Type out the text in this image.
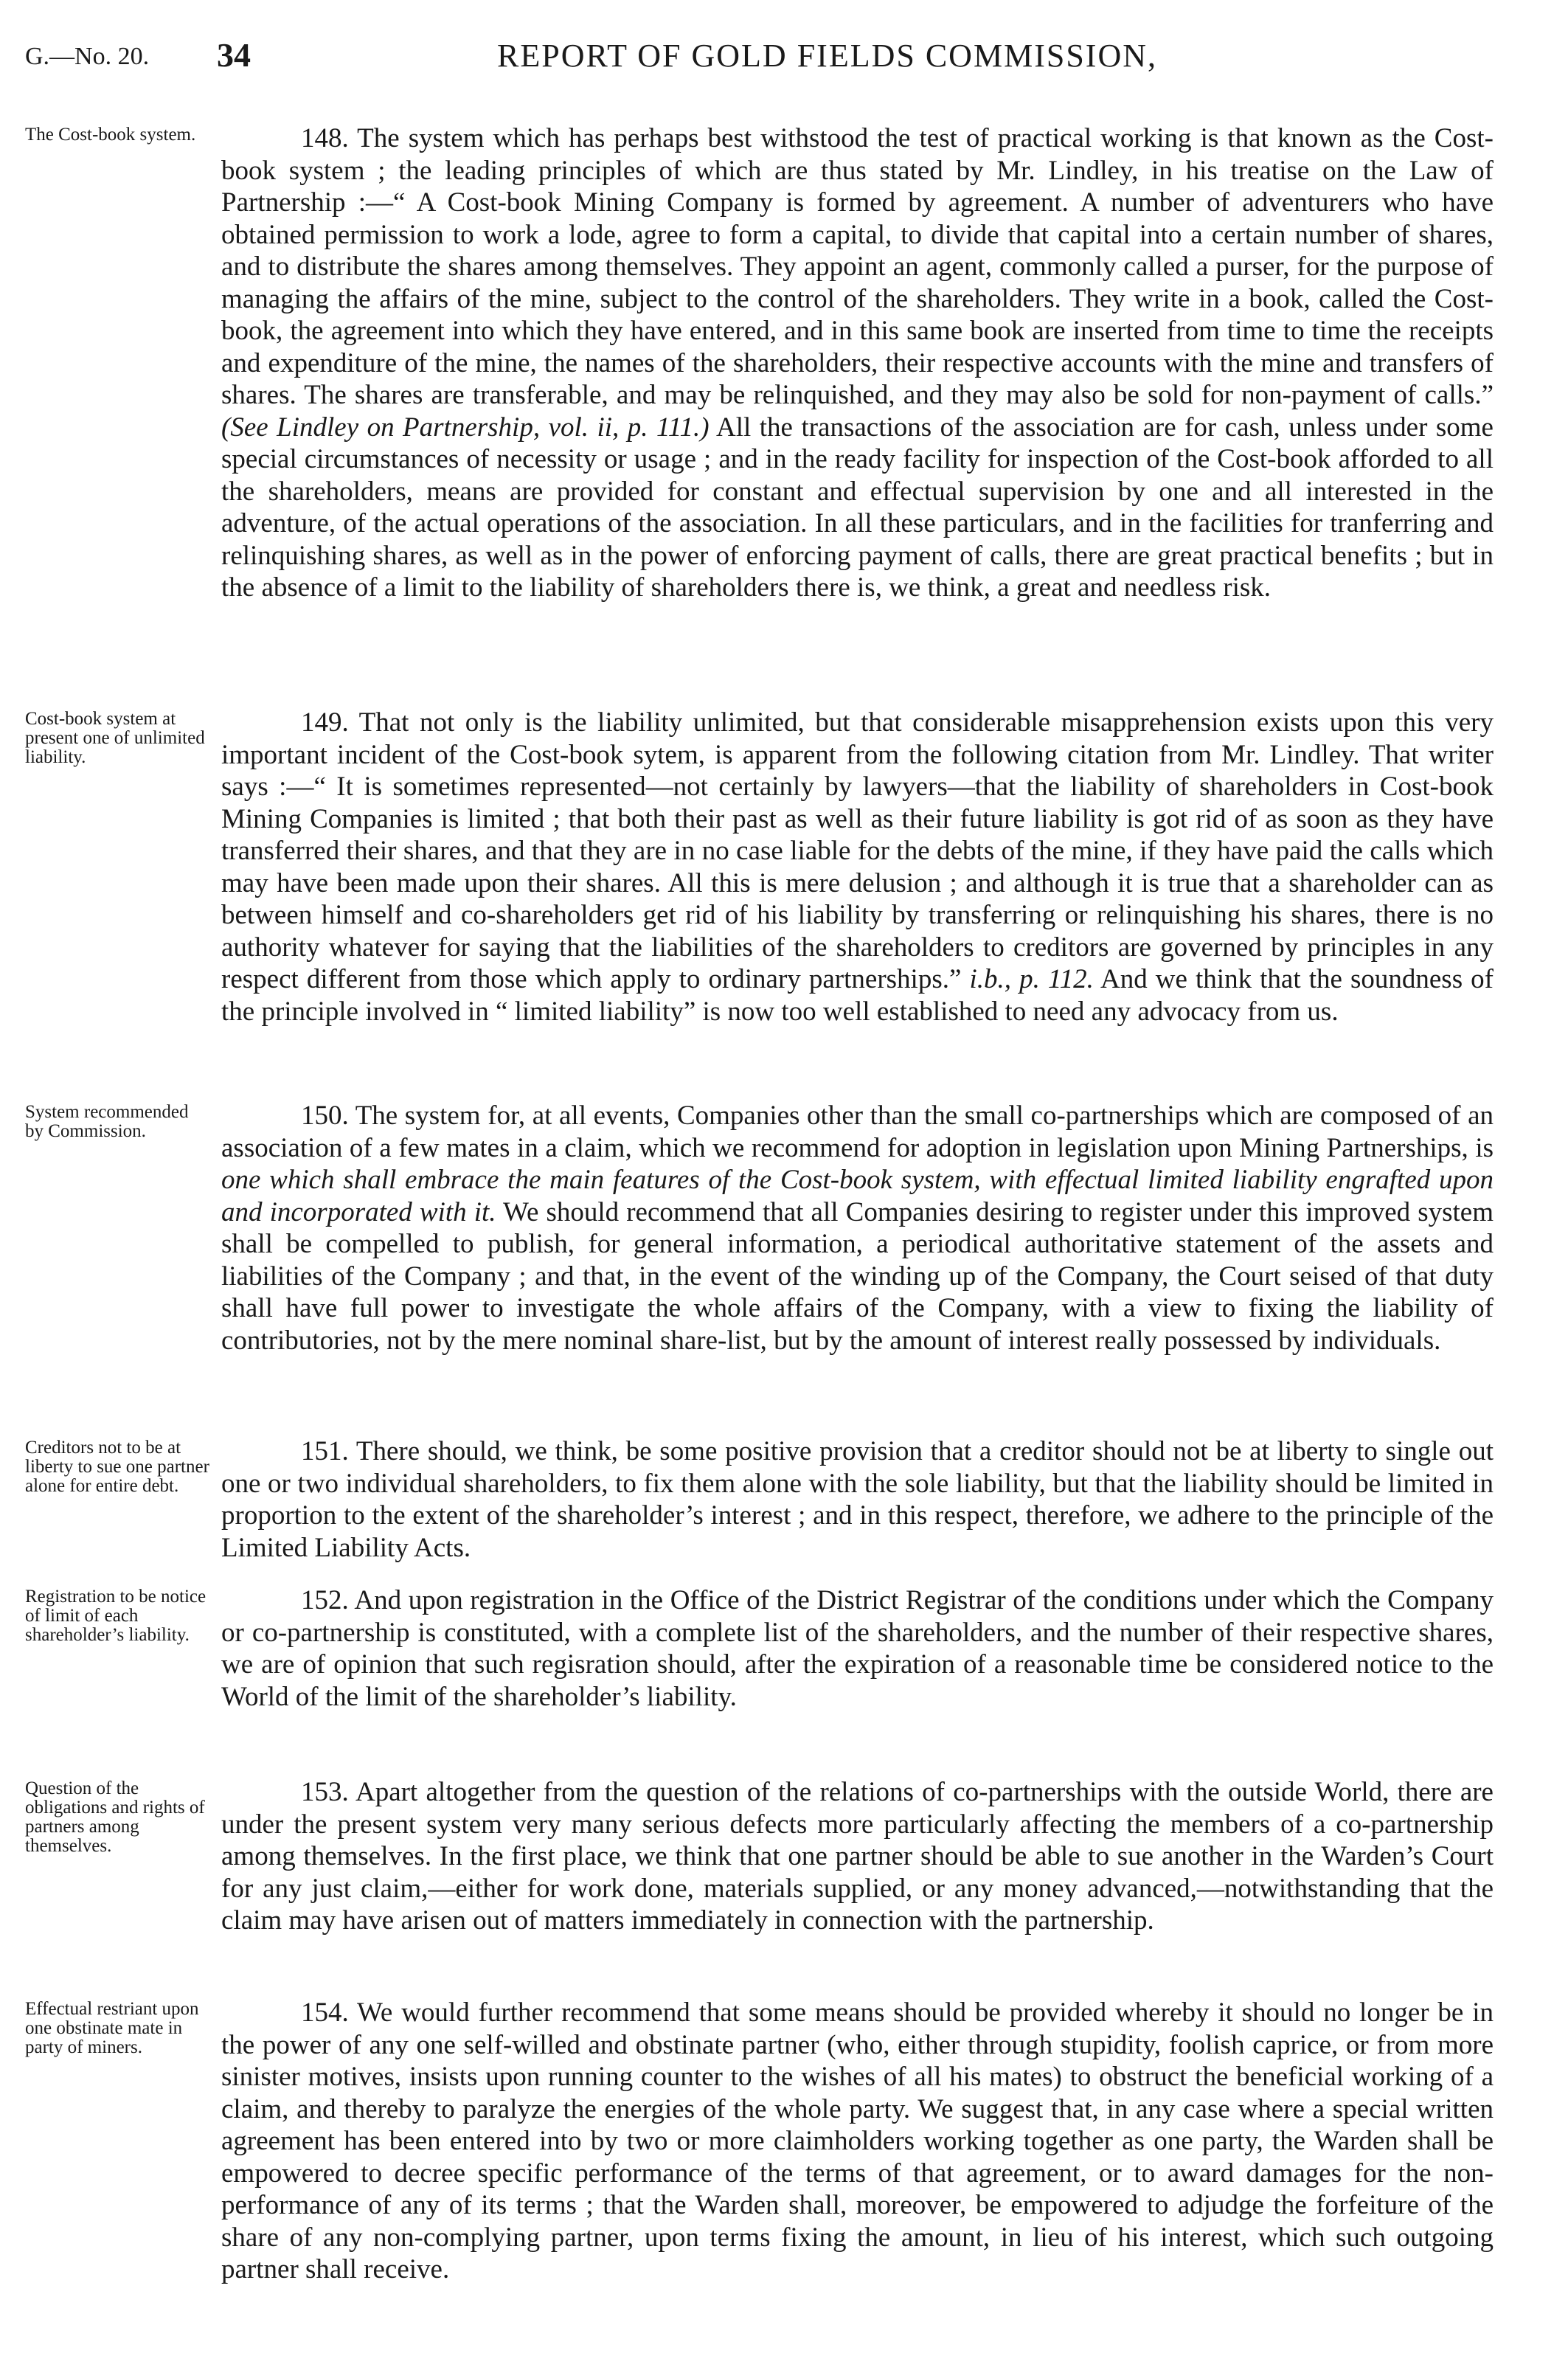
G.—No. 20. 34	REPORT OF GOLD FIELDS COMMISSION,
The Cost-book system.	148. The system which has perhaps best withstood the test of practical working is that known as the Cost-book system ; the leading principles of which are thus stated by Mr. Lindley, in his treatise on the Law of Partnership :—“ A Cost-book Mining Company is formed by agreement. A number of adventurers who have obtained permission to work a lode, agree to form a capital, to divide that capital into a certain number of shares, and to distribute the shares among themselves. They appoint an agent, commonly called a purser, for the purpose of managing the affairs of the mine, subject to the control of the shareholders. They write in a book, called the Cost-book, the agreement into which they have entered, and in this same book are inserted from time to time the receipts and expenditure of the mine, the names of the shareholders, their respective accounts with the mine and transfers of shares. The shares are transferable, and may be relinquished, and they may also be sold for non-payment of calls.” (See Lindley on Partnership, vol. ii, p. 111.) All the transactions of the association are for cash, unless under some special circumstances of necessity or usage ; and in the ready facility for inspection of the Cost-book afforded to all the shareholders, means are provided for constant and effectual supervision by one and all interested in the adventure, of the actual operations of the association. In all these particulars, and in the facilities for tranferring and relinquishing shares, as well as in the power of enforcing payment of calls, there are great practical benefits ; but in the absence of a limit to the liability of shareholders there is, we think, a great and needless risk.

Cost-book system at present one of unlimited liability.

149. That not only is the liability unlimited, but that considerable misapprehension exists upon this very important incident of the Cost-book sytem, is apparent from the following citation from Mr. Lindley. That writer says :—“ It is sometimes represented—not certainly by lawyers—that the liability of shareholders in Cost-book Mining Companies is limited ; that both their past as well as their future liability is got rid of as soon as they have transferred their shares, and that they are in no case liable for the debts of the mine, if they have paid the calls which may have been made upon their shares. All this is mere delusion ; and although it is true that a shareholder can as between himself and co-shareholders get rid of his liability by transferring or relinquishing his shares, there is no authority whatever for saying that the liabilities of the shareholders to creditors are governed by principles in any respect different from those which apply to ordinary partnerships.” i.b., p. 112. And we think that the soundness of the principle involved in “ limited liability” is now too well established to need any advocacy from us.

System recommended by Commission.

150. The system for, at all events, Companies other than the small co-partnerships which are composed of an association of a few mates in a claim, which we recommend for adoption in legislation upon Mining Partnerships, is one which shall embrace the main features of the Cost-book system, with effectual limited liability engrafted upon and incorporated with it. We should recommend that all Companies desiring to register under this improved system shall be compelled to publish, for general information, a periodical authoritative statement of the assets and liabilities of the Company ; and that, in the event of the winding up of the Company, the Court seised of that duty shall have full power to investigate the whole affairs of the Company, with a view to fixing the liability of contributories, not by the mere nominal share-list, but by the amount of interest really possessed by individuals.

Creditors not to be at liberty to sue one partner alone for entire debt.

151. There should, we think, be some positive provision that a creditor should not be at liberty to single out one or two individual shareholders, to fix them alone with the sole liability, but that the liability should be limited in proportion to the extent of the shareholder’s interest ; and in this respect, therefore, we adhere to the principle of the Limited Liability Acts.

Registration to be notice of limit of each shareholder’s liability.

152. And upon registration in the Office of the District Registrar of the conditions under which the Company or co-partnership is constituted, with a complete list of the shareholders, and the number of their respective shares, we are of opinion that such regisration should, after the expiration of a reasonable time be considered notice to the World of the limit of the shareholder’s liability.

Question of the obligations and rights of partners among themselves.

153. Apart altogether from the question of the relations of co-partnerships with the outside World, there are under the present system very many serious defects more particularly affecting the members of a co-partnership among themselves. In the first place, we think that one partner should be able to sue another in the Warden’s Court for any just claim,—either for work done, materials supplied, or any money advanced,—notwithstanding that the claim may have arisen out of matters immediately in connection with the partnership.

Effectual restriant upon one obstinate mate in party of miners.

154. We would further recommend that some means should be provided whereby it should no longer be in the power of any one self-willed and obstinate partner (who, either through stupidity, foolish caprice, or from more sinister motives, insists upon running counter to the wishes of all his mates) to obstruct the beneficial working of a claim, and thereby to paralyze the energies of the whole party. We suggest that, in any case where a special written agreement has been entered into by two or more claimholders working together as one party, the Warden shall be empowered to decree specific performance of the terms of that agreement, or to award damages for the non-performance of any of its terms ; that the Warden shall, moreover, be empowered to adjudge the forfeiture of the share of any non-complying partner, upon terms fixing the amount, in lieu of his interest, which such outgoing partner shall receive.
